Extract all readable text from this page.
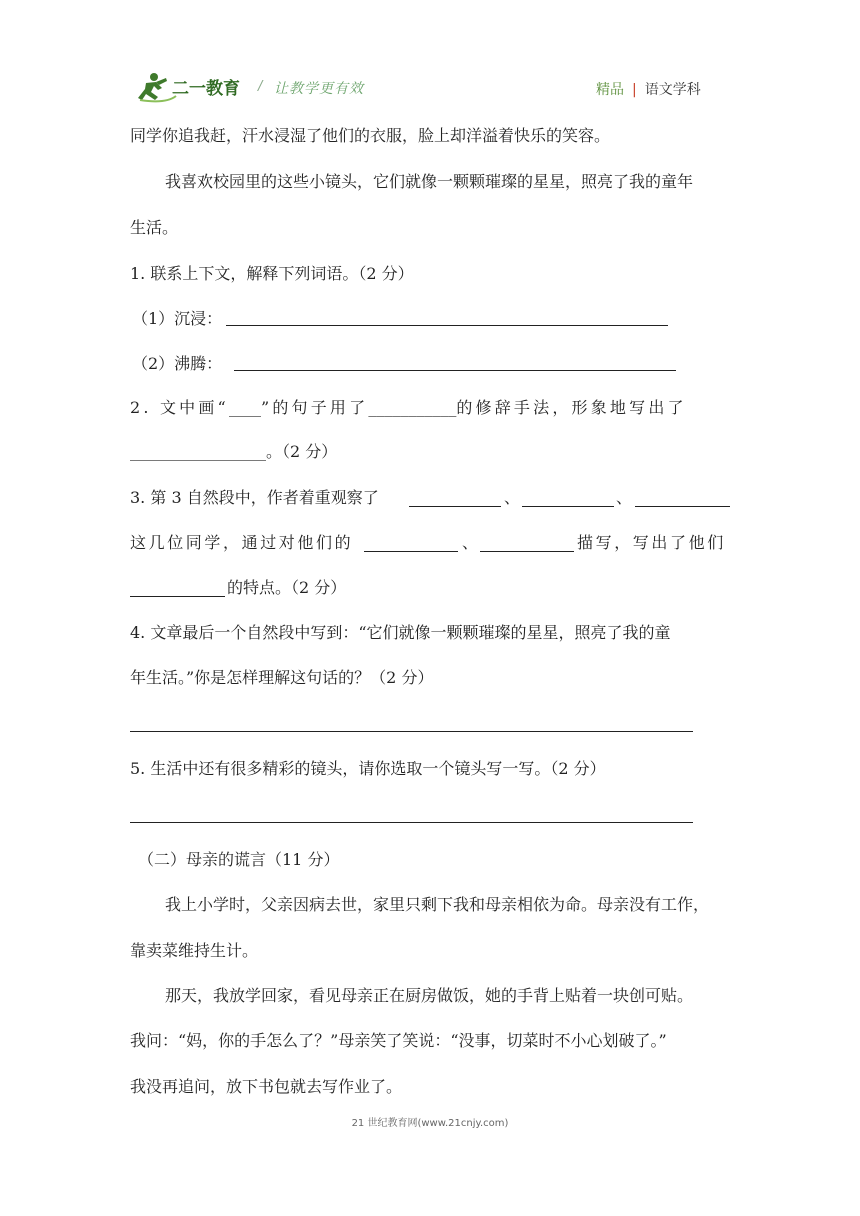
二一教育 / 让教学更有效	精品 | 语文学科
同学你追我赶，汗水浸湿了他们的衣服，脸上却洋溢着快乐的笑容。
我喜欢校园里的这些小镜头，它们就像一颗颗璀璨的星星，照亮了我的童年
生活。
1. 联系上下文，解释下列词语。（2 分）
（1）沉浸：
（2）沸腾：
2. 文中画“____”的句子用了___________的修辞手法，形象地写出了
_________________。（2 分）
3. 第 3 自然段中，作者着重观察了	、	、
这几位同学，通过对他们的	、	描写，写出了他们
的特点。（2 分）
4. 文章最后一个自然段中写到：“它们就像一颗颗璀璨的星星，照亮了我的童
年生活。”你是怎样理解这句话的？（2 分）
5. 生活中还有很多精彩的镜头，请你选取一个镜头写一写。（2 分）
（二）母亲的谎言（11 分）
我上小学时，父亲因病去世，家里只剩下我和母亲相依为命。母亲没有工作，
靠卖菜维持生计。
那天，我放学回家，看见母亲正在厨房做饭，她的手背上贴着一块创可贴。
我问：“妈，你的手怎么了？”母亲笑了笑说：“没事，切菜时不小心划破了。”
我没再追问，放下书包就去写作业了。
21 世纪教育网(www.21cnjy.com)
